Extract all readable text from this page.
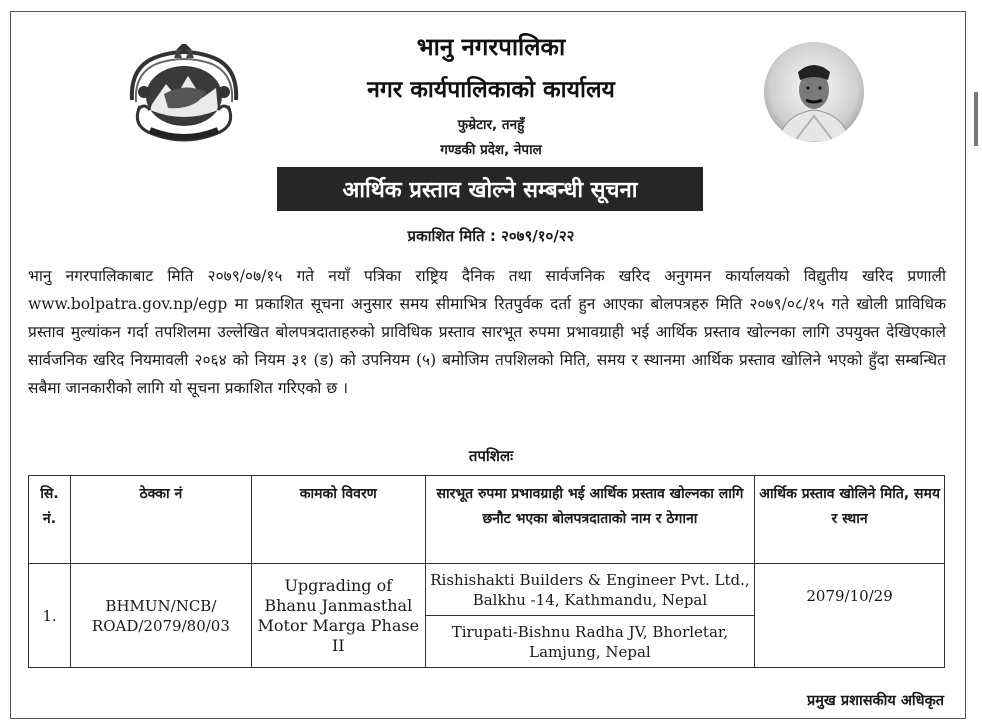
भानु नगरपालिका
नगर कार्यपालिकाको कार्यालय
फुम्रेटार, तनहुँ
गण्डकी प्रदेश, नेपाल
आर्थिक प्रस्ताव खोल्ने सम्बन्धी सूचना
प्रकाशित मिति : २०७९/१०/२२
भानु नगरपालिकाबाट मिति २०७९/०७/१५ गते नयाँ पत्रिका राष्ट्रिय दैनिक तथा सार्वजनिक खरिद अनुगमन कार्यालयको विद्युतीय खरिद प्रणाली www.bolpatra.gov.np/egp मा प्रकाशित सूचना अनुसार समय सीमाभित्र रितपुर्वक दर्ता हुन आएका बोलपत्रहरु मिति २०७९/०८/१५ गते खोली प्राविधिक प्रस्ताव मुल्यांकन गर्दा तपशिलमा उल्लेखित बोलपत्रदाताहरुको प्राविधिक प्रस्ताव सारभूत रुपमा प्रभावग्राही भई आर्थिक प्रस्ताव खोल्नका लागि उपयुक्त देखिएकाले सार्वजनिक खरिद नियमावली २०६४ को नियम ३१ (ड) को उपनियम (५) बमोजिम तपशिलको मिति, समय र स्थानमा आर्थिक प्रस्ताव खोलिने भएको हुँदा सम्बन्धित सबैमा जानकारीको लागि यो सूचना प्रकाशित गरिएको छ ।
तपशिलः
सि. नं.	ठेक्का नं	कामको विवरण	सारभूत रुपमा प्रभावग्राही भई आर्थिक प्रस्ताव खोल्नका लागि छनौट भएका बोलपत्रदाताको नाम र ठेगाना	आर्थिक प्रस्ताव खोलिने मिति, समय र स्थान
1.	BHMUN/NCB/ ROAD/2079/80/03	Upgrading of Bhanu Janmasthal Motor Marga Phase II	Rishishakti Builders & Engineer Pvt. Ltd., Balkhu -14, Kathmandu, Nepal	2079/10/29
			Tirupati-Bishnu Radha JV, Bhorletar, Lamjung, Nepal	
प्रमुख प्रशासकीय अधिकृत
